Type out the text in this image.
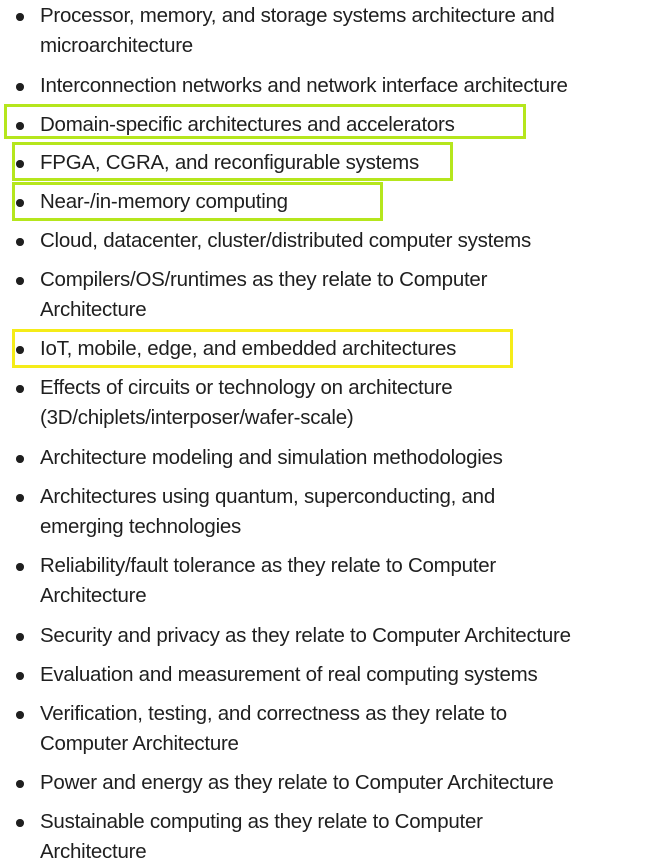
Processor, memory, and storage systems architecture and
microarchitecture
Interconnection networks and network interface architecture
Domain-specific architectures and accelerators
FPGA, CGRA, and reconfigurable systems
Near-/in-memory computing
Cloud, datacenter, cluster/distributed computer systems
Compilers/OS/runtimes as they relate to Computer
Architecture
IoT, mobile, edge, and embedded architectures
Effects of circuits or technology on architecture
(3D/chiplets/interposer/wafer-scale)
Architecture modeling and simulation methodologies
Architectures using quantum, superconducting, and
emerging technologies
Reliability/fault tolerance as they relate to Computer
Architecture
Security and privacy as they relate to Computer Architecture
Evaluation and measurement of real computing systems
Verification, testing, and correctness as they relate to
Computer Architecture
Power and energy as they relate to Computer Architecture
Sustainable computing as they relate to Computer
Architecture
